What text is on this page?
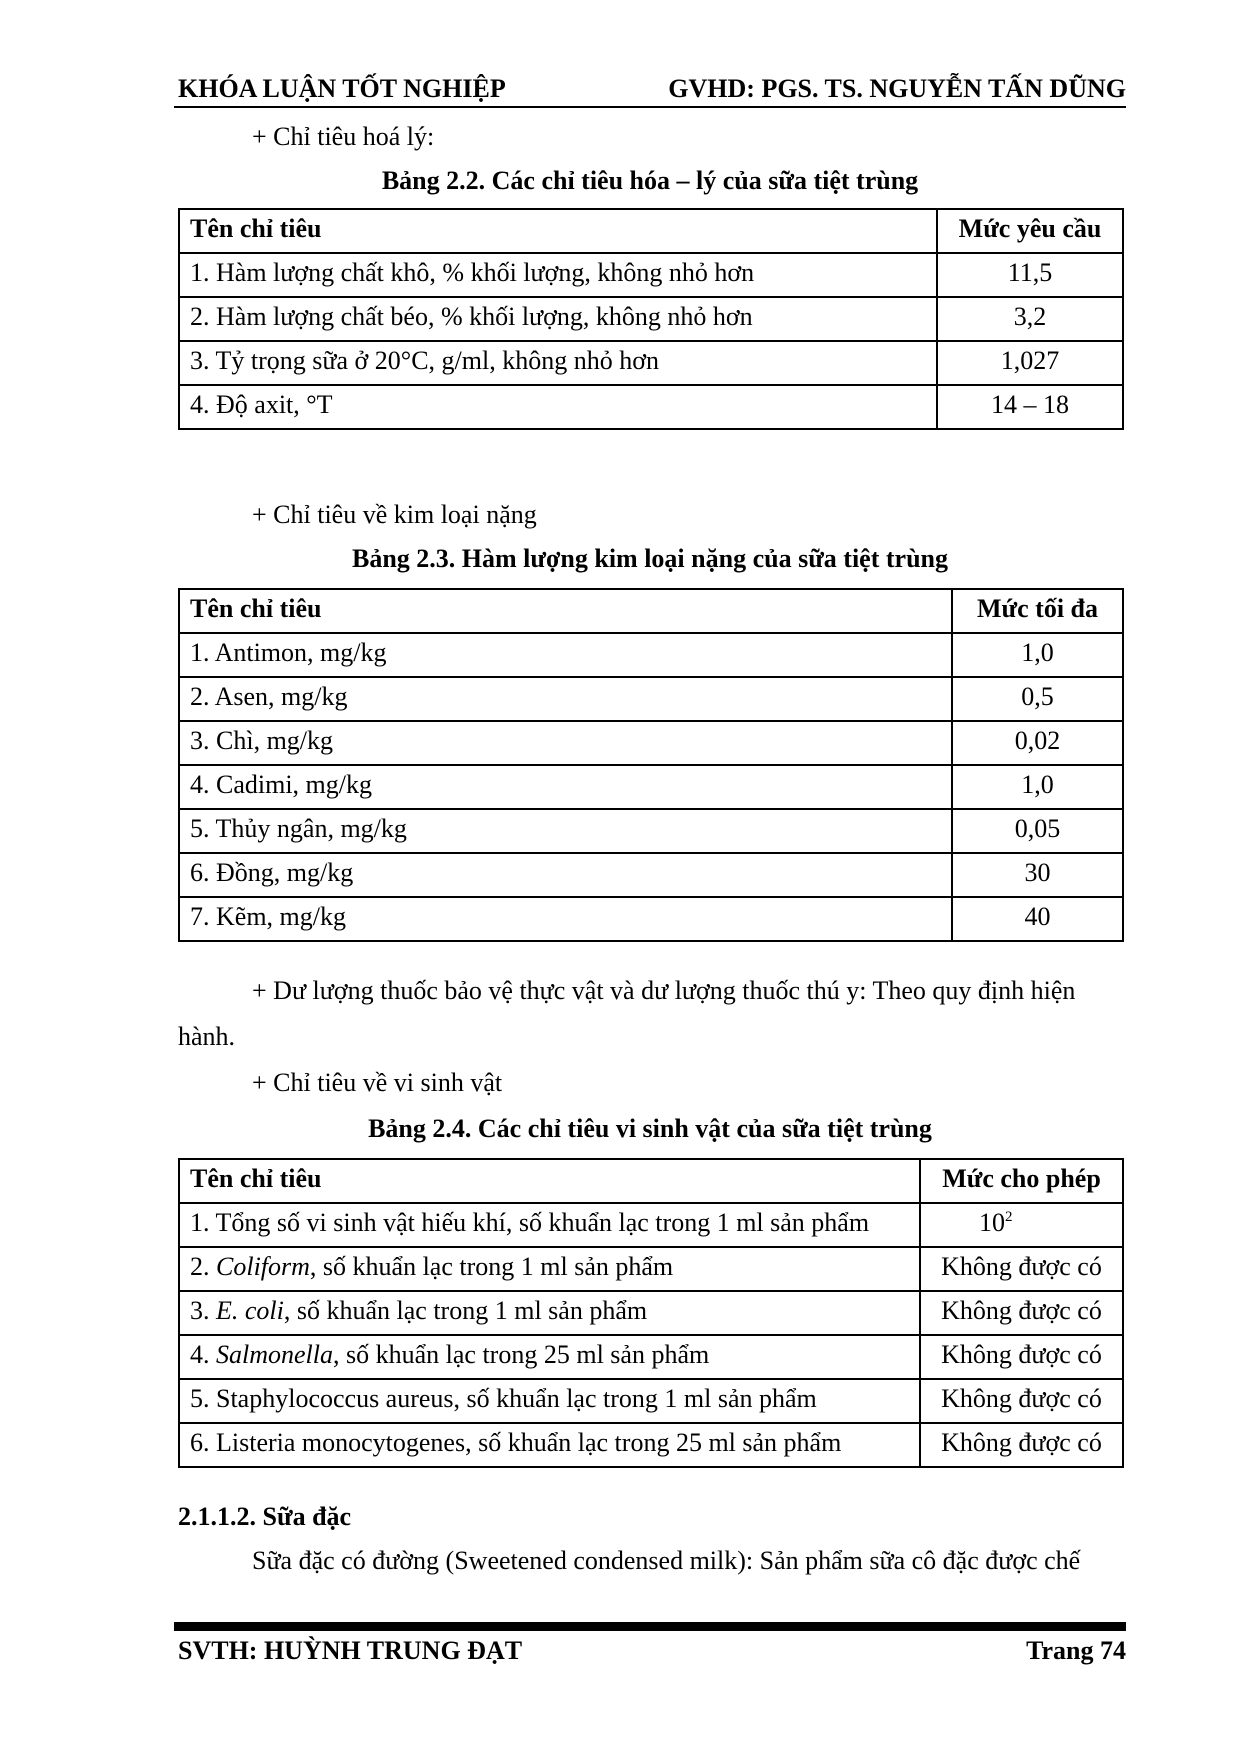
KHÓA LUẬN TỐT NGHIỆP	GVHD: PGS. TS. NGUYỄN TẤN DŨNG
+ Chỉ tiêu hoá lý:
Bảng 2.2. Các chỉ tiêu hóa – lý của sữa tiệt trùng
Tên chỉ tiêu	Mức yêu cầu
1. Hàm lượng chất khô, % khối lượng, không nhỏ hơn	11,5
2. Hàm lượng chất béo, % khối lượng, không nhỏ hơn	3,2
3. Tỷ trọng sữa ở 20°C, g/ml, không nhỏ hơn	1,027
4. Độ axit, °T	14 – 18
+ Chỉ tiêu về kim loại nặng
Bảng 2.3. Hàm lượng kim loại nặng của sữa tiệt trùng
Tên chỉ tiêu	Mức tối đa
1. Antimon, mg/kg	1,0
2. Asen, mg/kg	0,5
3. Chì, mg/kg	0,02
4. Cadimi, mg/kg	1,0
5. Thủy ngân, mg/kg	0,05
6. Đồng, mg/kg	30
7. Kẽm, mg/kg	40
+ Dư lượng thuốc bảo vệ thực vật và dư lượng thuốc thú y: Theo quy định hiện
hành.
+ Chỉ tiêu về vi sinh vật
Bảng 2.4. Các chỉ tiêu vi sinh vật của sữa tiệt trùng
Tên chỉ tiêu	Mức cho phép
1. Tổng số vi sinh vật hiếu khí, số khuẩn lạc trong 1 ml sản phẩm	$10^2$
2. Coliform, số khuẩn lạc trong 1 ml sản phẩm	Không được có
3. E. coli, số khuẩn lạc trong 1 ml sản phẩm	Không được có
4. Salmonella, số khuẩn lạc trong 25 ml sản phẩm	Không được có
5. Staphylococcus aureus, số khuẩn lạc trong 1 ml sản phẩm	Không được có
6. Listeria monocytogenes, số khuẩn lạc trong 25 ml sản phẩm	Không được có
2.1.1.2. Sữa đặc
Sữa đặc có đường (Sweetened condensed milk): Sản phẩm sữa cô đặc được chế
SVTH: HUỲNH TRUNG ĐẠT	Trang 74
